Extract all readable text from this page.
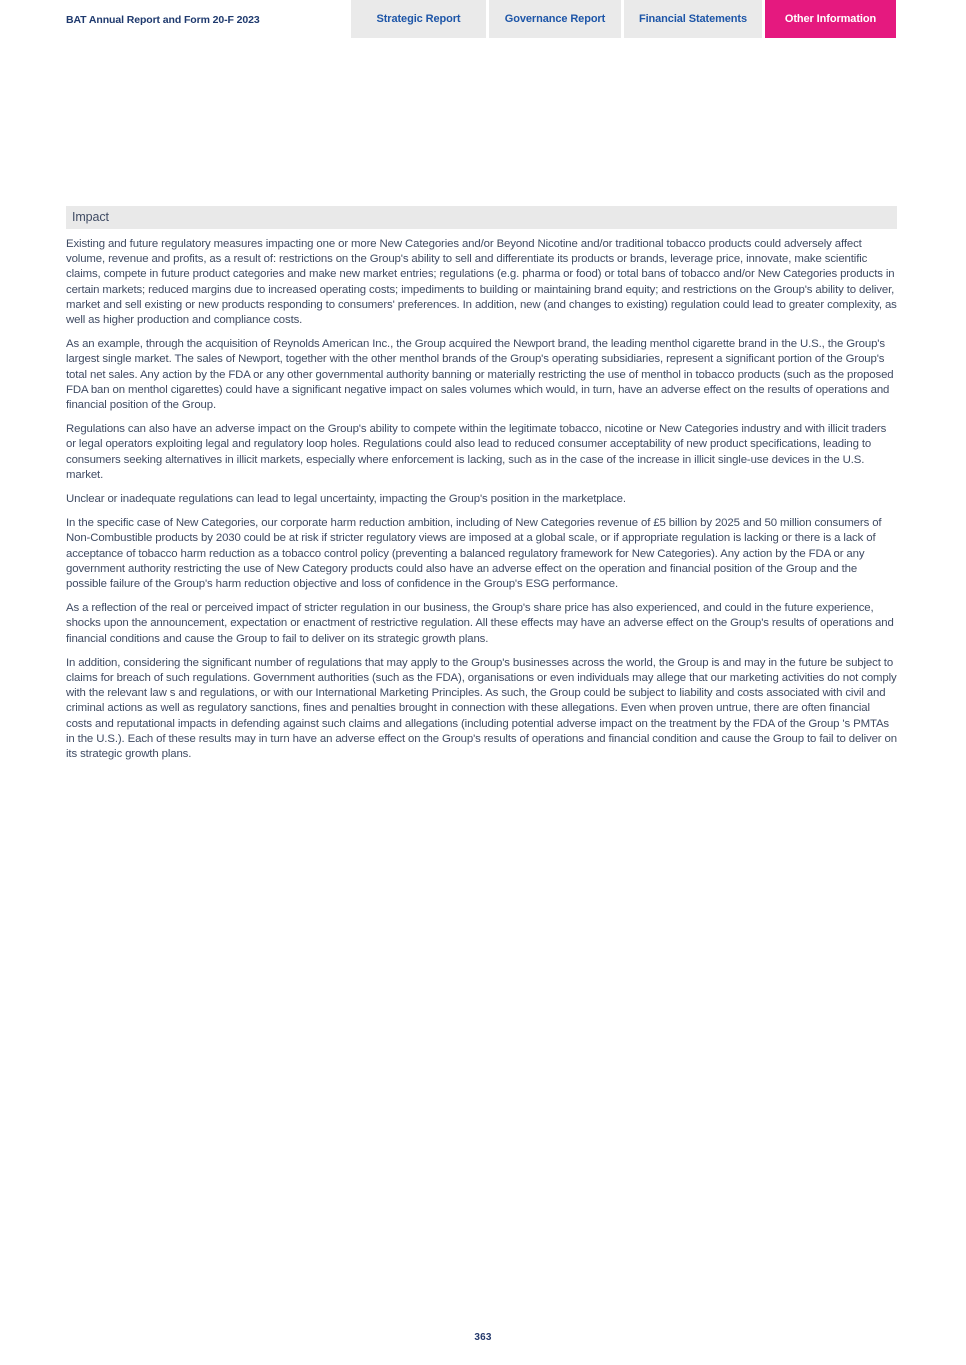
BAT Annual Report and Form 20-F 2023	Strategic Report	Governance Report	Financial Statements	Other Information
Impact

Existing and future regulatory measures impacting one or more New Categories and/or Beyond Nicotine and/or traditional tobacco products could adversely affect volume, revenue and profits, as a result of: restrictions on the Group's ability to sell and differentiate its products or brands, leverage price, innovate, make scientific claims, compete in future product categories and make new market entries; regulations (e.g. pharma or food) or total bans of tobacco and/or New Categories products in certain markets; reduced margins due to increased operating costs; impediments to building or maintaining brand equity; and restrictions on the Group's ability to deliver, market and sell existing or new products responding to consumers' preferences. In addition, new (and changes to existing) regulation could lead to greater complexity, as well as higher production and compliance costs.

As an example, through the acquisition of Reynolds American Inc., the Group acquired the Newport brand, the leading menthol cigarette brand in the U.S., the Group's largest single market. The sales of Newport, together with the other menthol brands of the Group's operating subsidiaries, represent a significant portion of the Group's total net sales. Any action by the FDA or any other governmental authority banning or materially restricting the use of menthol in tobacco products (such as the proposed FDA ban on menthol cigarettes) could have a significant negative impact on sales volumes which would, in turn, have an adverse effect on the results of operations and financial position of the Group.

Regulations can also have an adverse impact on the Group's ability to compete within the legitimate tobacco, nicotine or New Categories industry and with illicit traders or legal operators exploiting legal and regulatory loop holes. Regulations could also lead to reduced consumer acceptability of new product specifications, leading to consumers seeking alternatives in illicit markets, especially where enforcement is lacking, such as in the case of the increase in illicit single-use devices in the U.S. market.

Unclear or inadequate regulations can lead to legal uncertainty, impacting the Group's position in the marketplace.

In the specific case of New Categories, our corporate harm reduction ambition, including of New Categories revenue of £5 billion by 2025 and 50 million consumers of Non-Combustible products by 2030 could be at risk if stricter regulatory views are imposed at a global scale, or if appropriate regulation is lacking or there is a lack of acceptance of tobacco harm reduction as a tobacco control policy (preventing a balanced regulatory framework for New Categories). Any action by the FDA or any government authority restricting the use of New Category products could also have an adverse effect on the operation and financial position of the Group and the possible failure of the Group's harm reduction objective and loss of confidence in the Group's ESG performance.

As a reflection of the real or perceived impact of stricter regulation in our business, the Group's share price has also experienced, and could in the future experience, shocks upon the announcement, expectation or enactment of restrictive regulation. All these effects may have an adverse effect on the Group's results of operations and financial conditions and cause the Group to fail to deliver on its strategic growth plans.

In addition, considering the significant number of regulations that may apply to the Group's businesses across the world, the Group is and may in the future be subject to claims for breach of such regulations. Government authorities (such as the FDA), organisations or even individuals may allege that our marketing activities do not comply with the relevant law s and regulations, or with our International Marketing Principles. As such, the Group could be subject to liability and costs associated with civil and criminal actions as well as regulatory sanctions, fines and penalties brought in connection with these allegations. Even when proven untrue, there are often financial costs and reputational impacts in defending against such claims and allegations (including potential adverse impact on the treatment by the FDA of the Group 's PMTAs in the U.S.). Each of these results may in turn have an adverse effect on the Group's results of operations and financial condition and cause the Group to fail to deliver on its strategic growth plans.

363
